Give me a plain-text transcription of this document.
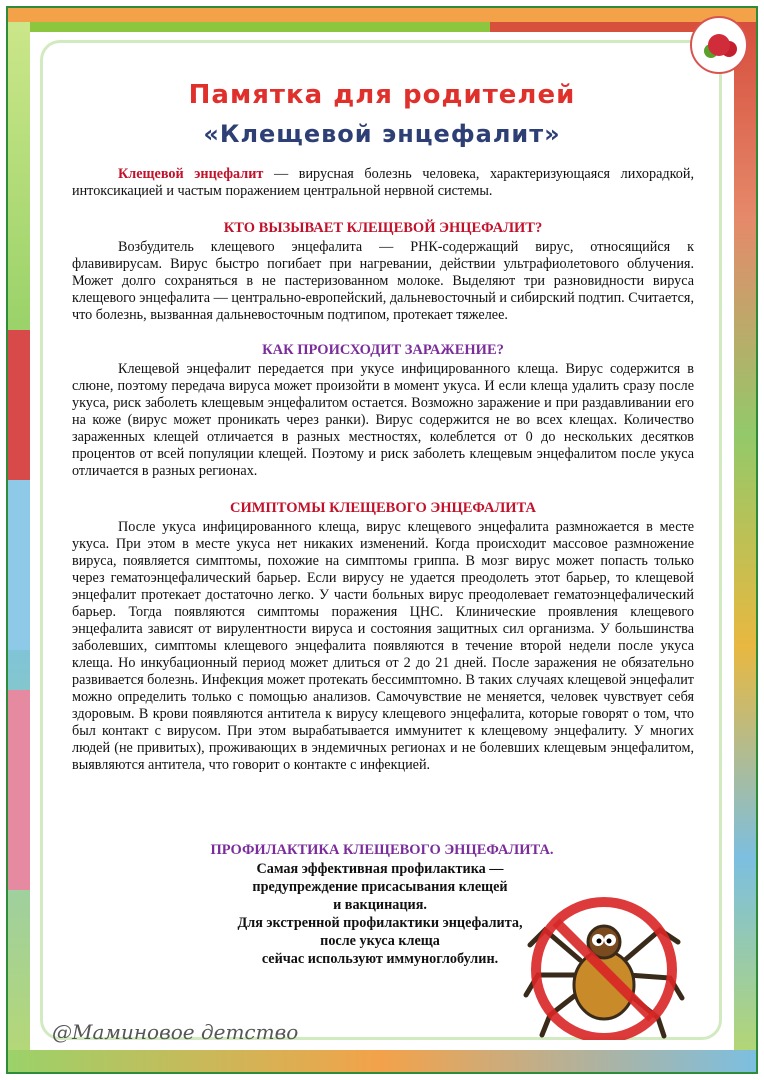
Памятка для родителей
«Клещевой энцефалит»

Клещевой энцефалит — вирусная болезнь человека, характеризующаяся лихорадкой, интоксикацией и частым поражением центральной нервной системы.

КТО ВЫЗЫВАЕТ КЛЕЩЕВОЙ ЭНЦЕФАЛИТ?

Возбудитель клещевого энцефалита — РНК-содержащий вирус, относящийся к флавивирусам. Вирус быстро погибает при нагревании, действии ультрафиолетового облучения. Может долго сохраняться в не пастеризованном молоке. Выделяют три разновидности вируса клещевого энцефалита — центрально-европейский, дальневосточный и сибирский подтип. Считается, что болезнь, вызванная дальневосточным подтипом, протекает тяжелее.

КАК ПРОИСХОДИТ ЗАРАЖЕНИЕ?

Клещевой энцефалит передается при укусе инфицированного клеща. Вирус содержится в слюне, поэтому передача вируса может произойти в момент укуса. И если клеща удалить сразу после укуса, риск заболеть клещевым энцефалитом остается. Возможно заражение и при раздавливании его на коже (вирус может проникать через ранки). Вирус содержится не во всех клещах. Количество зараженных клещей отличается в разных местностях, колеблется от 0 до нескольких десятков процентов от всей популяции клещей. Поэтому и риск заболеть клещевым энцефалитом после укуса отличается в разных регионах.

СИМПТОМЫ КЛЕЩЕВОГО ЭНЦЕФАЛИТА

После укуса инфицированного клеща, вирус клещевого энцефалита размножается в месте укуса. При этом в месте укуса нет никаких изменений. Когда происходит массовое размножение вируса, появляется симптомы, похожие на симптомы гриппа. В мозг вирус может попасть только через гематоэнцефалический барьер. Если вирусу не удается преодолеть этот барьер, то клещевой энцефалит протекает достаточно легко. У части больных вирус преодолевает гематоэнцефалический барьер. Тогда появляются симптомы поражения ЦНС. Клинические проявления клещевого энцефалита зависят от вирулентности вируса и состояния защитных сил организма. У большинства заболевших, симптомы клещевого энцефалита появляются в течение второй недели после укуса клеща. Но инкубационный период может длиться от 2 до 21 дней. После заражения не обязательно развивается болезнь. Инфекция может протекать бессимптомно. В таких случаях клещевой энцефалит можно определить только с помощью анализов. Самочувствие не меняется, человек чувствует себя здоровым. В крови появляются антитела к вирусу клещевого энцефалита, которые говорят о том, что был контакт с вирусом. При этом вырабатывается иммунитет к клещевому энцефалиту. У многих людей (не привитых), проживающих в эндемичных регионах и не болевших клещевым энцефалитом, выявляются антитела, что говорит о контакте с инфекцией.

ПРОФИЛАКТИКА КЛЕЩЕВОГО ЭНЦЕФАЛИТА.
Самая эффективная профилактика —
предупреждение присасывания клещей
и вакцинация.
Для экстренной профилактики энцефалита,
после укуса клеща
сейчас используют иммуноглобулин.
@Маминовое детство
